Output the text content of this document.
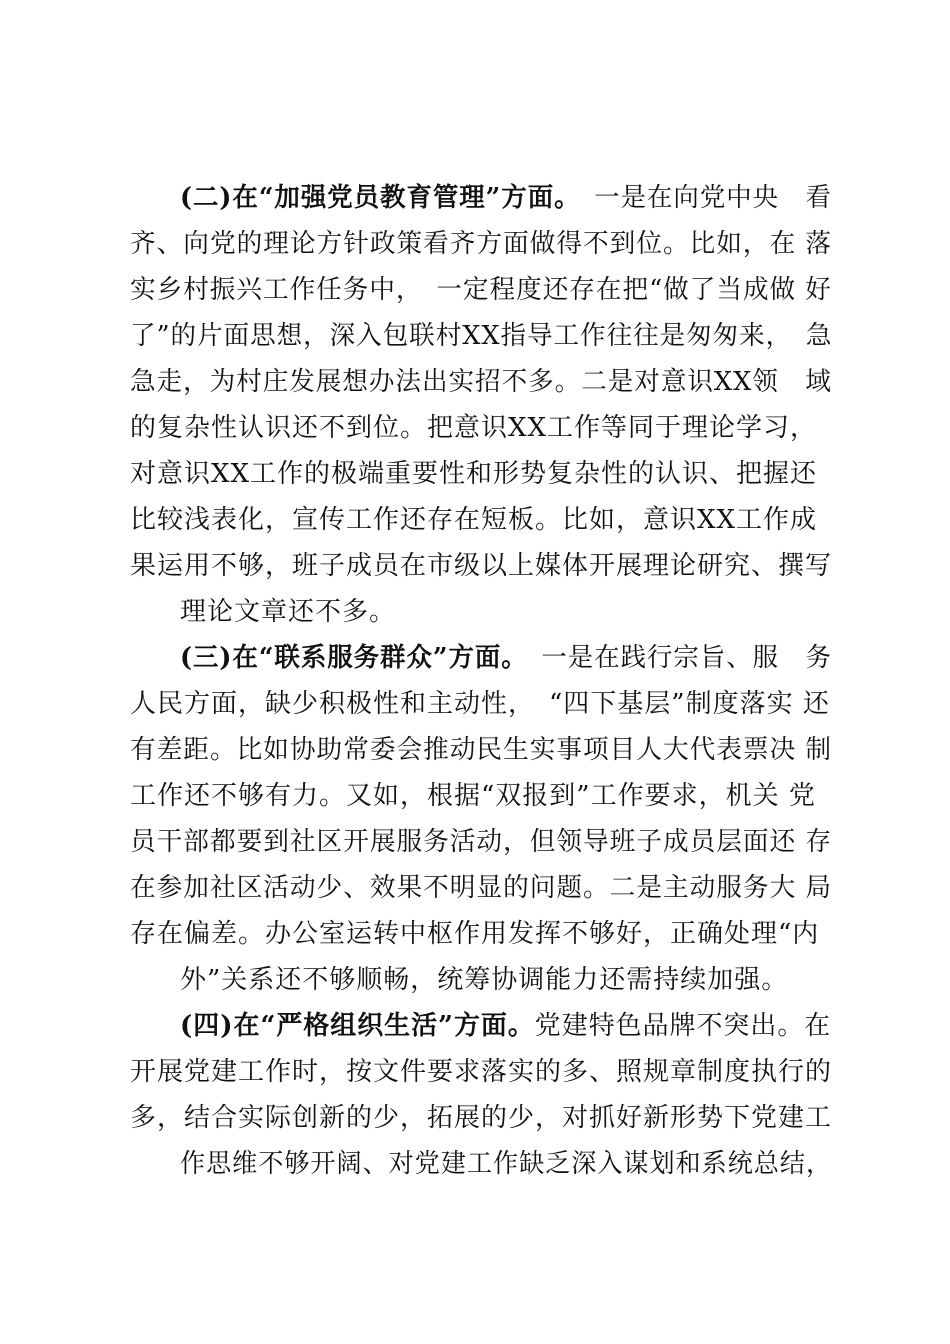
(二)在“加强党员教育管理”方面。 一是在向党中央　看
齐、向党的理论方针政策看齐方面做得不到位。比如，在 落
实乡村振兴工作任务中，　一定程度还存在把“做了当成做 好
了”的片面思想，深入包联村XX指导工作往往是匆匆来，　急
急走，为村庄发展想办法出实招不多。二是对意识XX领　域
的复杂性认识还不到位。把意识XX工作等同于理论学习，
对意识XX工作的极端重要性和形势复杂性的认识、把握还
比较浅表化，宣传工作还存在短板。比如，意识XX工作成
果运用不够，班子成员在市级以上媒体开展理论研究、撰写
理论文章还不多。
(三)在“联系服务群众”方面。 一是在践行宗旨、服　务
人民方面，缺少积极性和主动性，　“四下基层”制度落实 还
有差距。比如协助常委会推动民生实事项目人大代表票决 制
工作还不够有力。又如，根据“双报到”工作要求，机关 党
员干部都要到社区开展服务活动，但领导班子成员层面还 存
在参加社区活动少、效果不明显的问题。二是主动服务大 局
存在偏差。办公室运转中枢作用发挥不够好，正确处理“内
外”关系还不够顺畅，统筹协调能力还需持续加强。
(四)在“严格组织生活”方面。党建特色品牌不突出。在
开展党建工作时，按文件要求落实的多、照规章制度执行的
多，结合实际创新的少，拓展的少，对抓好新形势下党建工
作思维不够开阔、对党建工作缺乏深入谋划和系统总结，
